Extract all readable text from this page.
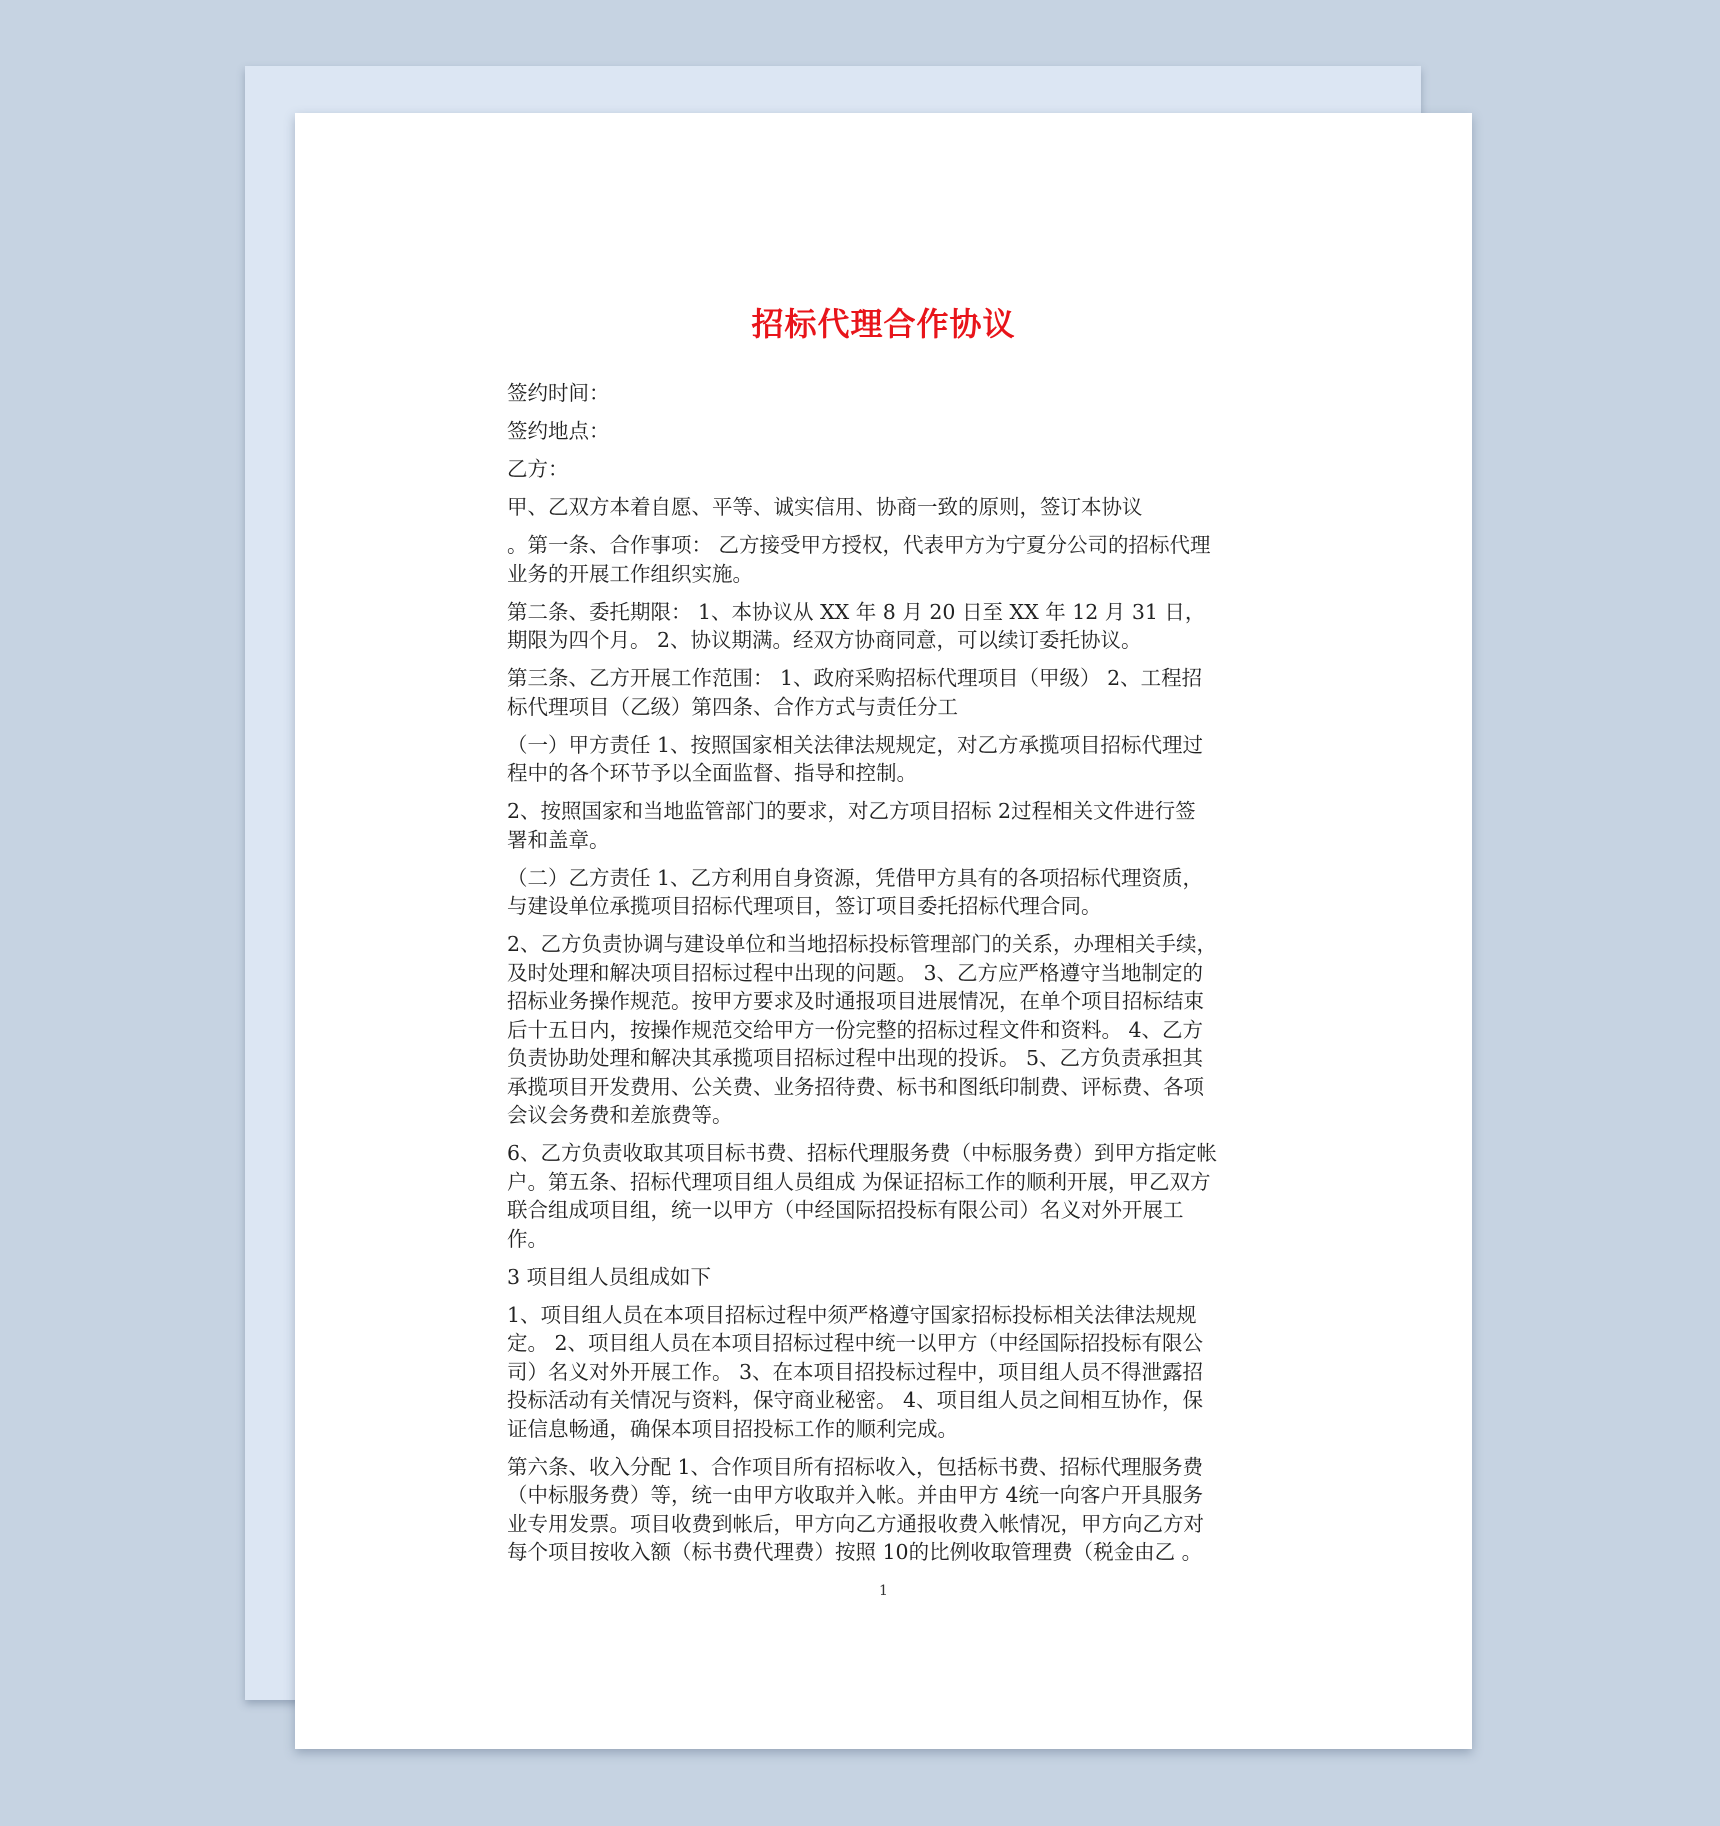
招标代理合作协议

签约时间：

签约地点：

乙方：

甲、乙双方本着自愿、平等、诚实信用、协商一致的原则，签订本协议

。第一条、合作事项： 乙方接受甲方授权，代表甲方为宁夏分公司的招标代理
业务的开展工作组织实施。

第二条、委托期限： 1、本协议从 XX 年 8 月 20 日至 XX 年 12 月 31 日，
期限为四个月。 2、协议期满。经双方协商同意，可以续订委托协议。

第三条、乙方开展工作范围： 1、政府采购招标代理项目（甲级） 2、工程招
标代理项目（乙级）第四条、合作方式与责任分工

（一）甲方责任 1、按照国家相关法律法规规定，对乙方承揽项目招标代理过
程中的各个环节予以全面监督、指导和控制。

2、按照国家和当地监管部门的要求，对乙方项目招标 2过程相关文件进行签
署和盖章。

（二）乙方责任 1、乙方利用自身资源，凭借甲方具有的各项招标代理资质，
与建设单位承揽项目招标代理项目，签订项目委托招标代理合同。

2、乙方负责协调与建设单位和当地招标投标管理部门的关系，办理相关手续，
及时处理和解决项目招标过程中出现的问题。 3、乙方应严格遵守当地制定的
招标业务操作规范。按甲方要求及时通报项目进展情况，在单个项目招标结束
后十五日内，按操作规范交给甲方一份完整的招标过程文件和资料。 4、乙方
负责协助处理和解决其承揽项目招标过程中出现的投诉。 5、乙方负责承担其
承揽项目开发费用、公关费、业务招待费、标书和图纸印制费、评标费、各项
会议会务费和差旅费等。

6、乙方负责收取其项目标书费、招标代理服务费（中标服务费）到甲方指定帐
户。第五条、招标代理项目组人员组成 为保证招标工作的顺利开展，甲乙双方
联合组成项目组，统一以甲方（中经国际招投标有限公司）名义对外开展工
作。

3 项目组人员组成如下

1、项目组人员在本项目招标过程中须严格遵守国家招标投标相关法律法规规
定。 2、项目组人员在本项目招标过程中统一以甲方（中经国际招投标有限公
司）名义对外开展工作。 3、在本项目招投标过程中，项目组人员不得泄露招
投标活动有关情况与资料，保守商业秘密。 4、项目组人员之间相互协作，保
证信息畅通，确保本项目招投标工作的顺利完成。

第六条、收入分配 1、合作项目所有招标收入，包括标书费、招标代理服务费
（中标服务费）等，统一由甲方收取并入帐。并由甲方 4统一向客户开具服务
业专用发票。项目收费到帐后，甲方向乙方通报收费入帐情况，甲方向乙方对
每个项目按收入额（标书费代理费）按照 10的比例收取管理费（税金由乙 。

1
